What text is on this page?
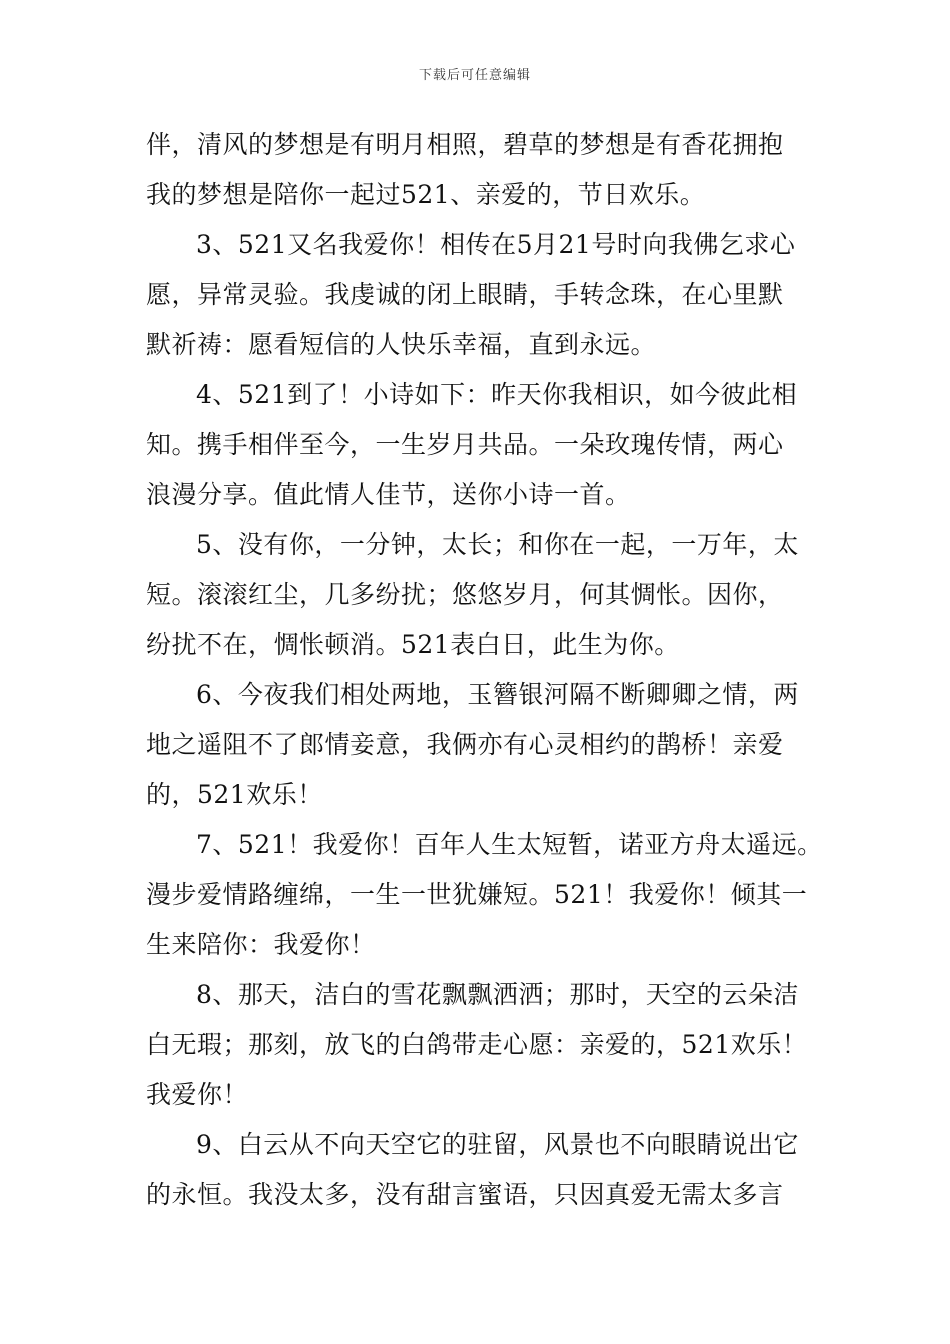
下载后可任意编辑
伴，清风的梦想是有明月相照，碧草的梦想是有香花拥抱
我的梦想是陪你一起过521、亲爱的，节日欢乐。
3、521又名我爱你！相传在5月21号时向我佛乞求心
愿，异常灵验。我虔诚的闭上眼睛，手转念珠，在心里默
默祈祷：愿看短信的人快乐幸福，直到永远。
4、521到了！小诗如下：昨天你我相识，如今彼此相
知。携手相伴至今，一生岁月共品。一朵玫瑰传情，两心
浪漫分享。值此情人佳节，送你小诗一首。
5、没有你，一分钟，太长；和你在一起，一万年，太
短。滚滚红尘，几多纷扰；悠悠岁月，何其惆怅。因你，
纷扰不在，惆怅顿消。521表白日，此生为你。
6、今夜我们相处两地，玉簪银河隔不断卿卿之情，两
地之遥阻不了郎情妾意，我俩亦有心灵相约的鹊桥！亲爱
的，521欢乐！
7、521！我爱你！百年人生太短暂，诺亚方舟太遥远。
漫步爱情路缠绵，一生一世犹嫌短。521！我爱你！倾其一
生来陪你：我爱你！
8、那天，洁白的雪花飘飘洒洒；那时，天空的云朵洁
白无瑕；那刻，放飞的白鸽带走心愿：亲爱的，521欢乐！
我爱你！
9、白云从不向天空它的驻留，风景也不向眼睛说出它
的永恒。我没太多，没有甜言蜜语，只因真爱无需太多言
